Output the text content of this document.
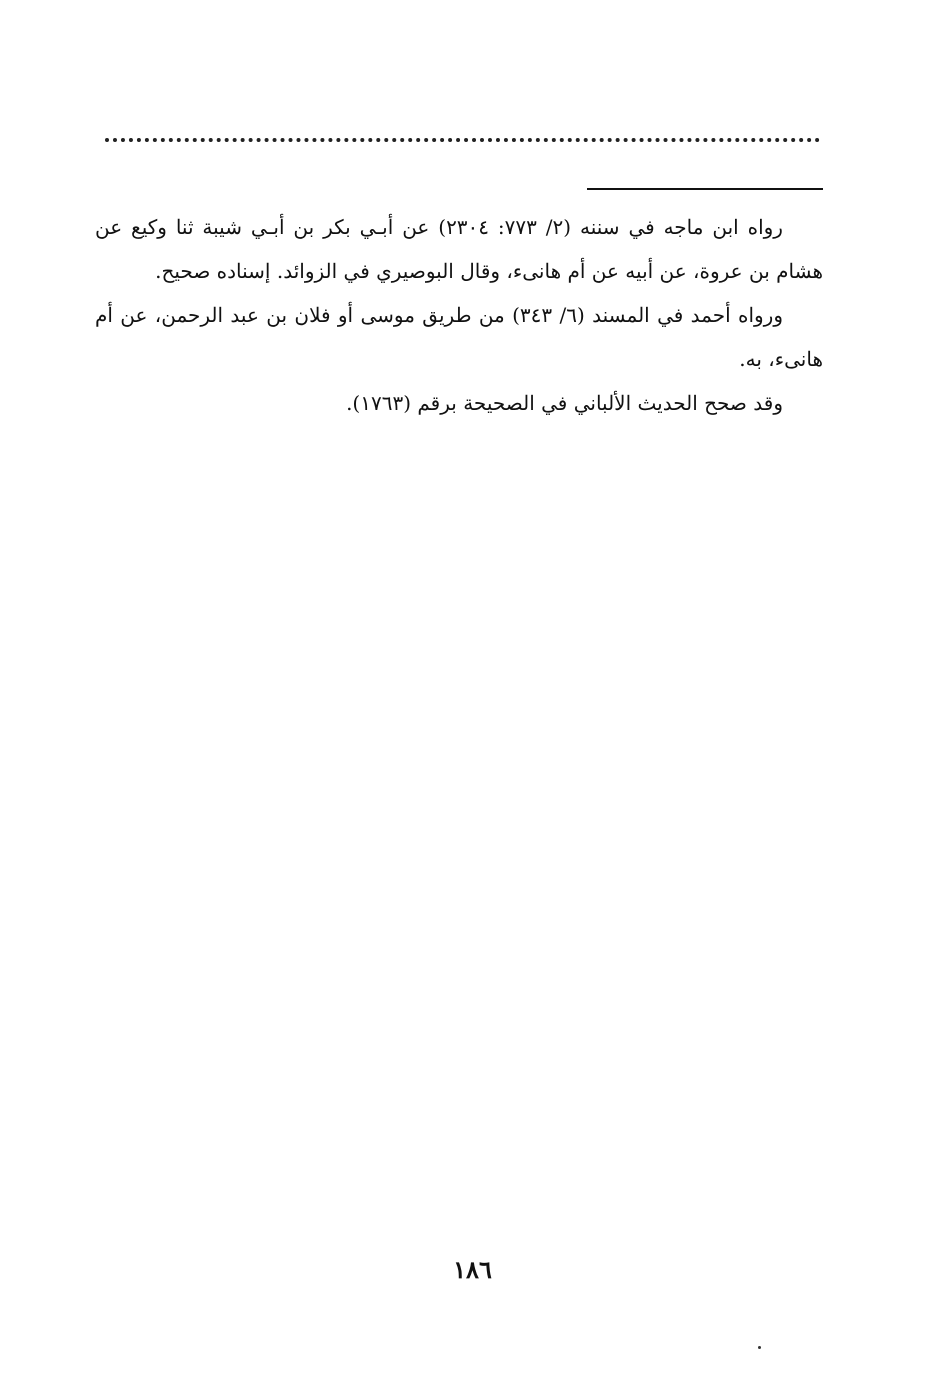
رواه ابن ماجه في سننه (٢/ ٧٧٣: ٢٣٠٤) عن أبـي بكر بن أبـي شيبة ثنا وكيع عن هشام بن عروة، عن أبيه عن أم هانىء، وقال البوصيري في الزوائد. إسناده صحيح.

ورواه أحمد في المسند (٦/ ٣٤٣) من طريق موسى أو فلان بن عبد الرحمن، عن أم هانىء، به.

وقد صحح الحديث الألباني في الصحيحة برقم (١٧٦٣).

١٨٦
